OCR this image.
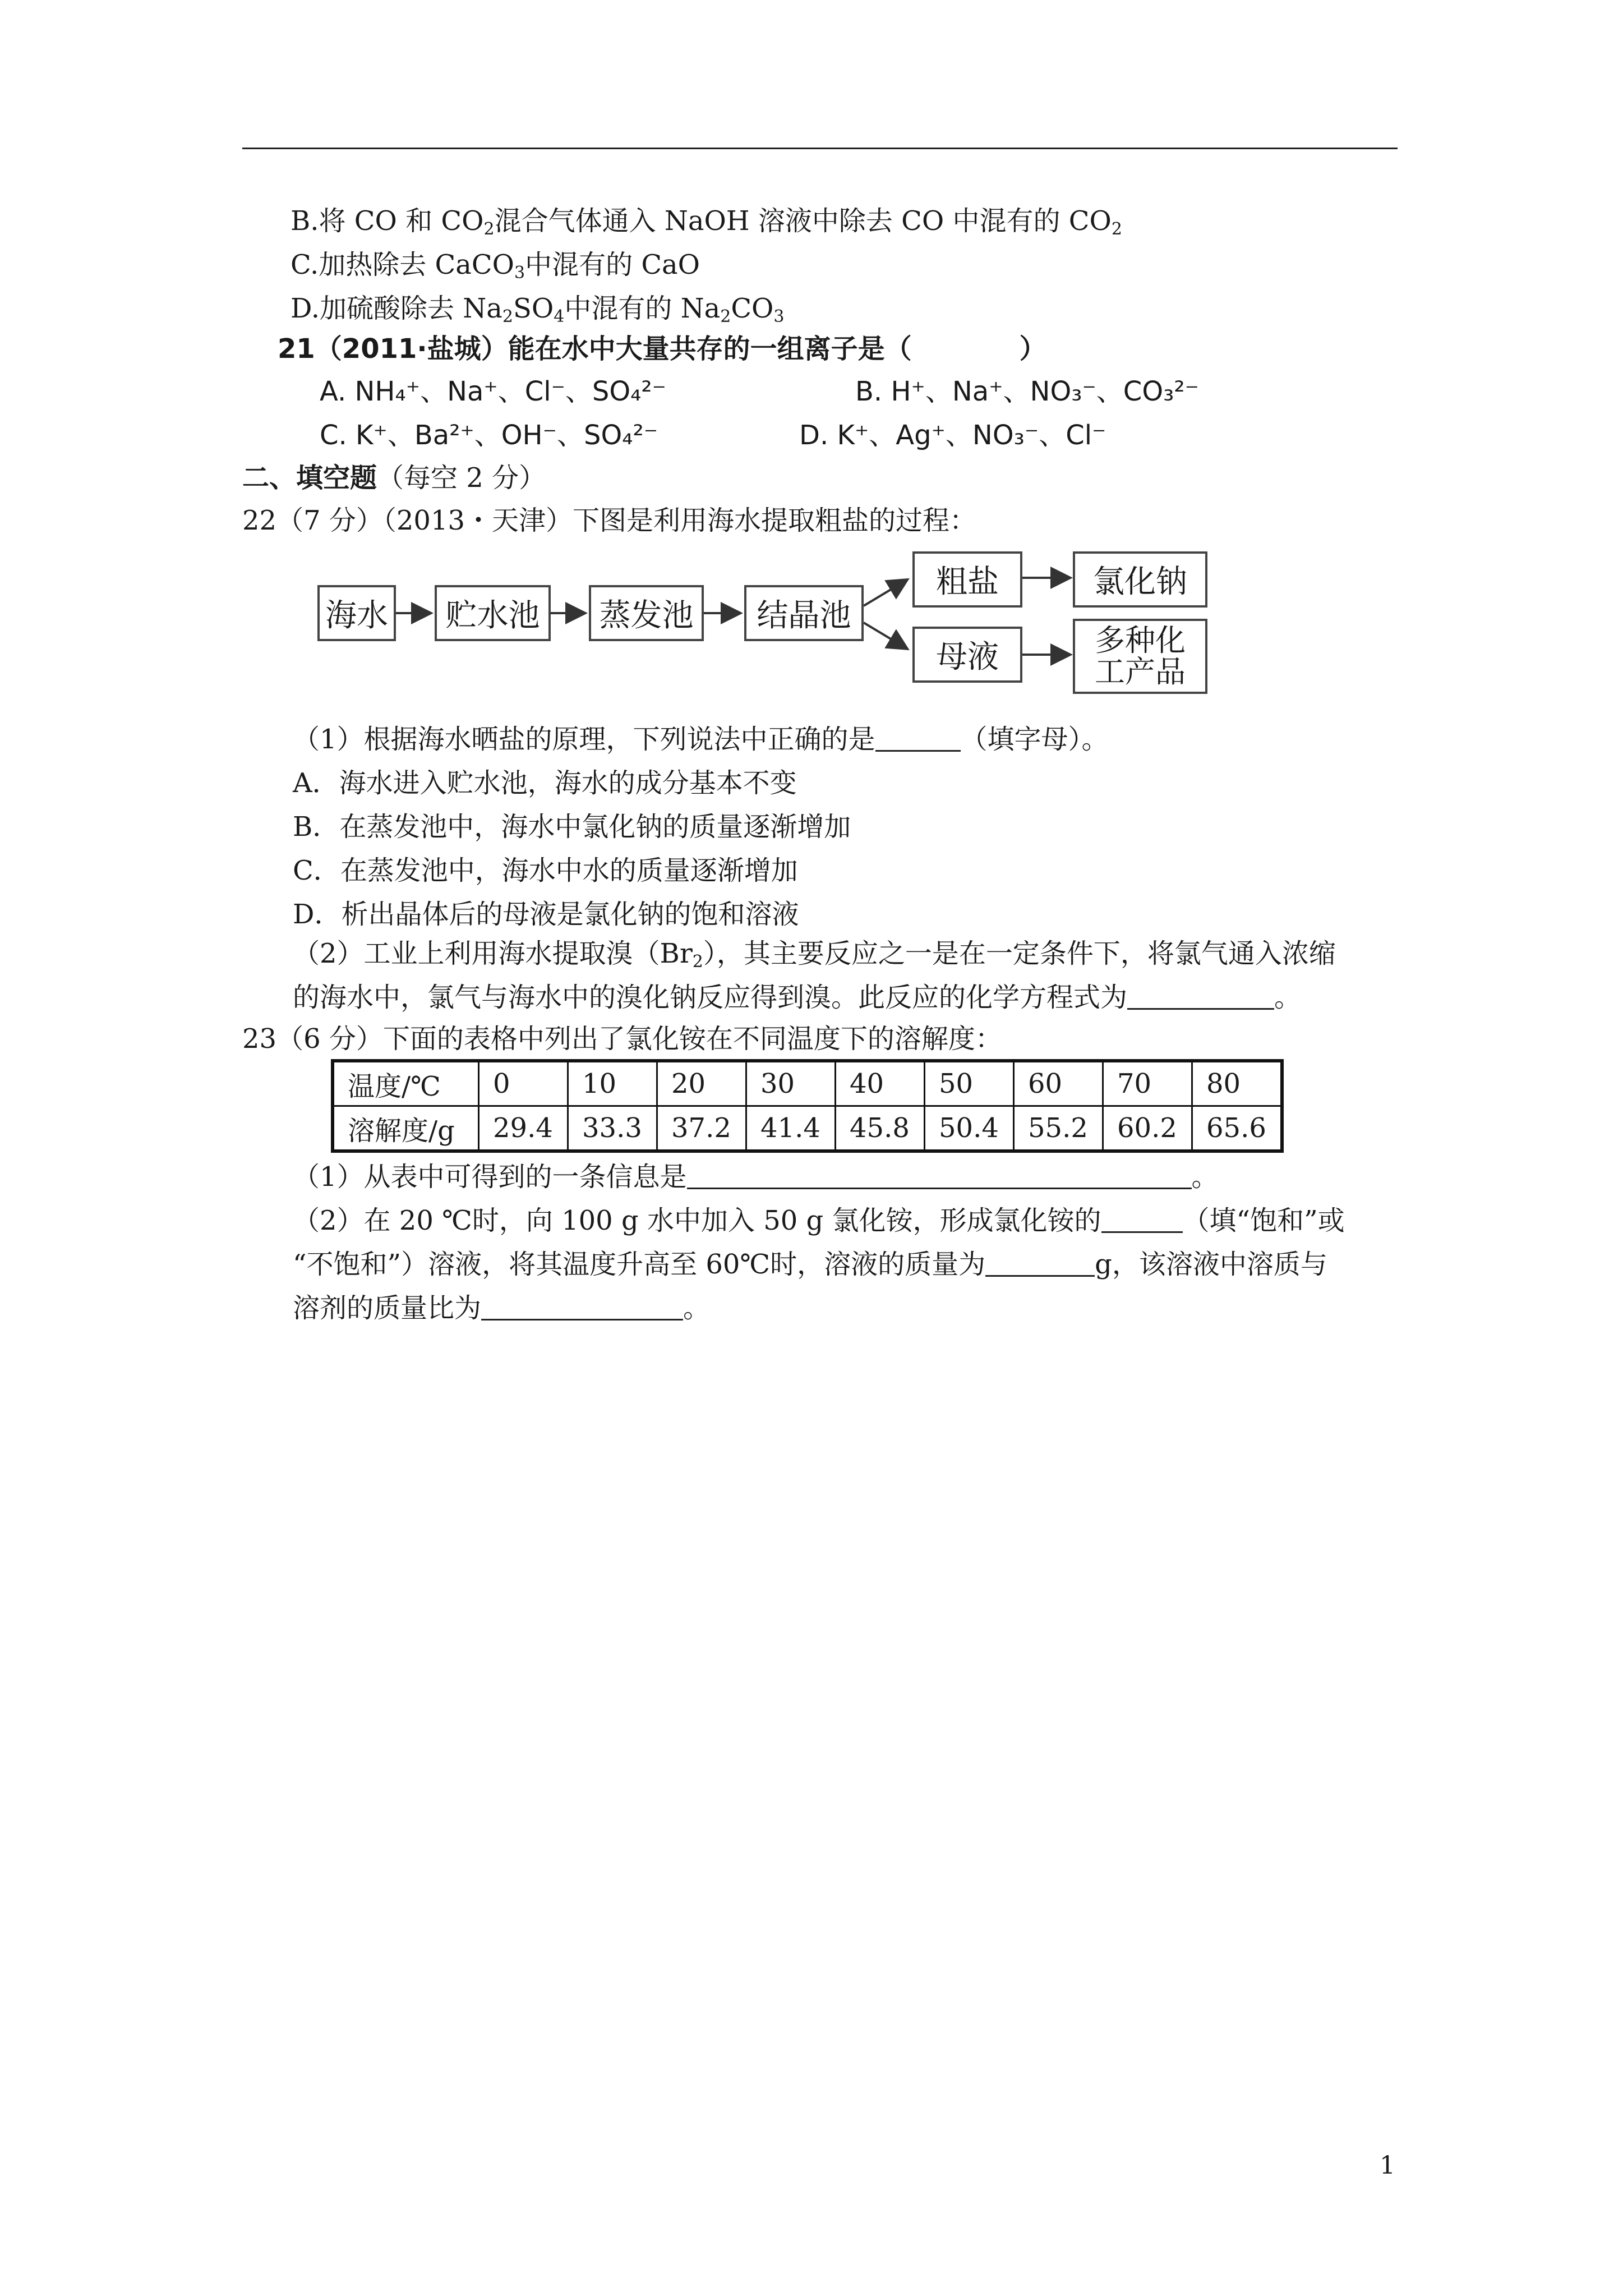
B.将 CO 和 $CO_2$混合气体通入 NaOH 溶液中除去 CO 中混有的 $CO_2$
C.加热除去 CaCO$_3$中混有的 CaO
D.加硫酸除去 $Na_2SO_4$中混有的 $Na_2CO_3$
21（2011·盐城）能在水中大量共存的一组离子是（　　　　）
A. NH₄⁺、Na⁺、Cl⁻、SO₄²⁻	B. H⁺、Na⁺、NO₃⁻、CO₃²⁻
C. K⁺、Ba²⁺、OH⁻、SO₄²⁻	D. K⁺、Ag⁺、NO₃⁻、Cl⁻
二、填空题（每空 2 分）
22（7 分）（2013・天津）下图是利用海水提取粗盐的过程：
海水	贮水池	蒸发池	结晶池
粗盐	氯化钠
母液	多种化
工产品
（1）根据海水晒盐的原理，下列说法中正确的是	（填字母）。
A．海水进入贮水池，海水的成分基本不变
B．在蒸发池中，海水中氯化钠的质量逐渐增加
C．在蒸发池中，海水中水的质量逐渐增加
D．析出晶体后的母液是氯化钠的饱和溶液
（2）工业上利用海水提取溴$(Br_2)$，其主要反应之一是在一定条件下，将氯气通入浓缩
的海水中，氯气与海水中的溴化钠反应得到溴。此反应的化学方程式为	。
23（6 分）下面的表格中列出了氯化铵在不同温度下的溶解度：
温度/℃	0	10	20	30	40	50	60	70	80
溶解度/g	29.4	33.3	37.2	41.4	45.8	50.4	55.2	60.2	65.6
（1）从表中可得到的一条信息是	。
（2）在 20 ℃时，向 100 g 水中加入 50 g 氯化铵，形成氯化铵的	（填“饱和”或
“不饱和”）溶液，将其温度升高至 60℃时，溶液的质量为	g，该溶液中溶质与
溶剂的质量比为	。
1
